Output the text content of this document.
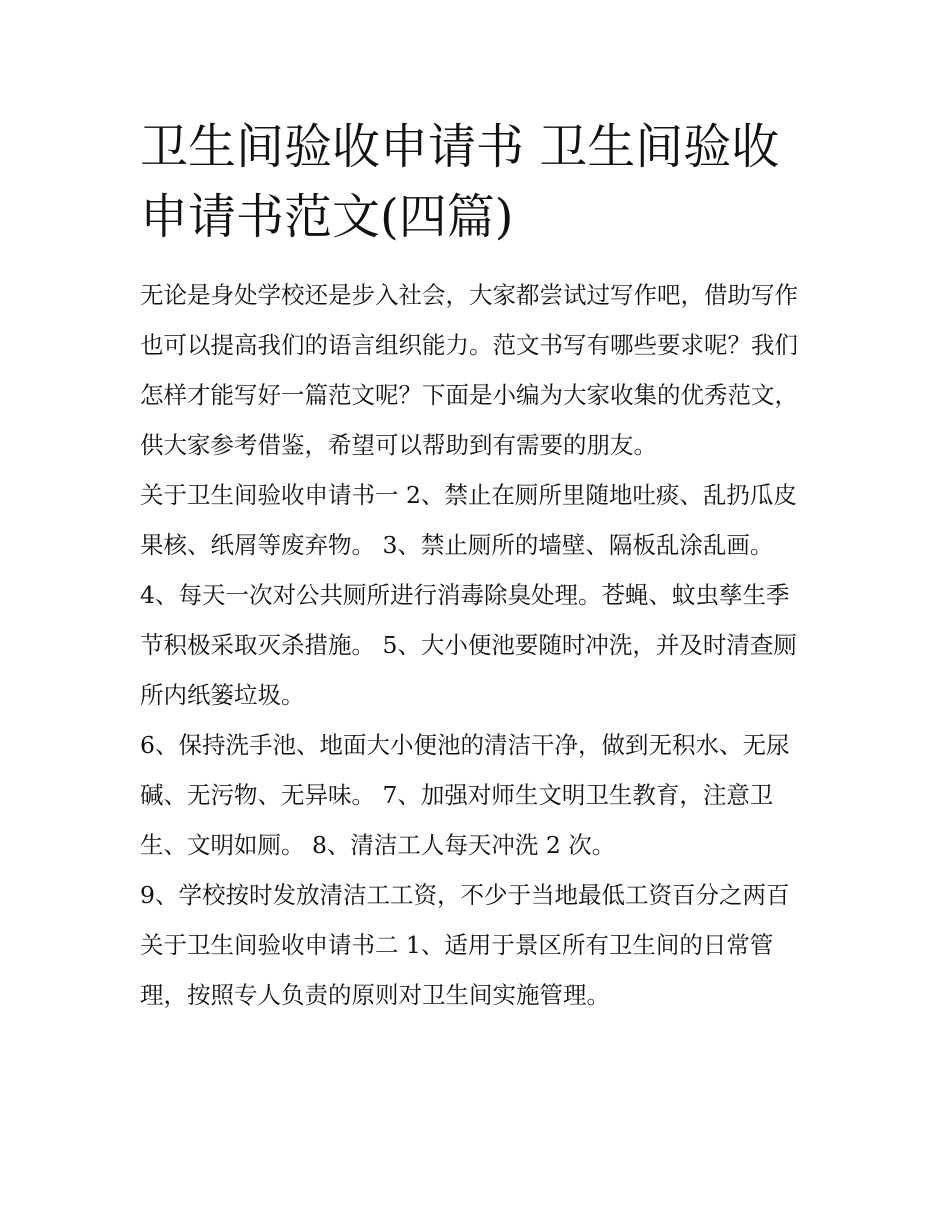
卫生间验收申请书 卫生间验收申请书范文(四篇)

无论是身处学校还是步入社会，大家都尝试过写作吧，借助写作也可以提高我们的语言组织能力。范文书写有哪些要求呢？我们怎样才能写好一篇范文呢？下面是小编为大家收集的优秀范文，供大家参考借鉴，希望可以帮助到有需要的朋友。

关于卫生间验收申请书一 2、禁止在厕所里随地吐痰、乱扔瓜皮果核、纸屑等废弃物。 3、禁止厕所的墙壁、隔板乱涂乱画。

4、每天一次对公共厕所进行消毒除臭处理。苍蝇、蚊虫孳生季节积极采取灭杀措施。 5、大小便池要随时冲洗，并及时清查厕所内纸篓垃圾。

6、保持洗手池、地面大小便池的清洁干净，做到无积水、无尿碱、无污物、无异味。 7、加强对师生文明卫生教育，注意卫生、文明如厕。 8、清洁工人每天冲洗 2 次。

9、学校按时发放清洁工工资，不少于当地最低工资百分之两百 关于卫生间验收申请书二 1、适用于景区所有卫生间的日常管理，按照专人负责的原则对卫生间实施管理。
